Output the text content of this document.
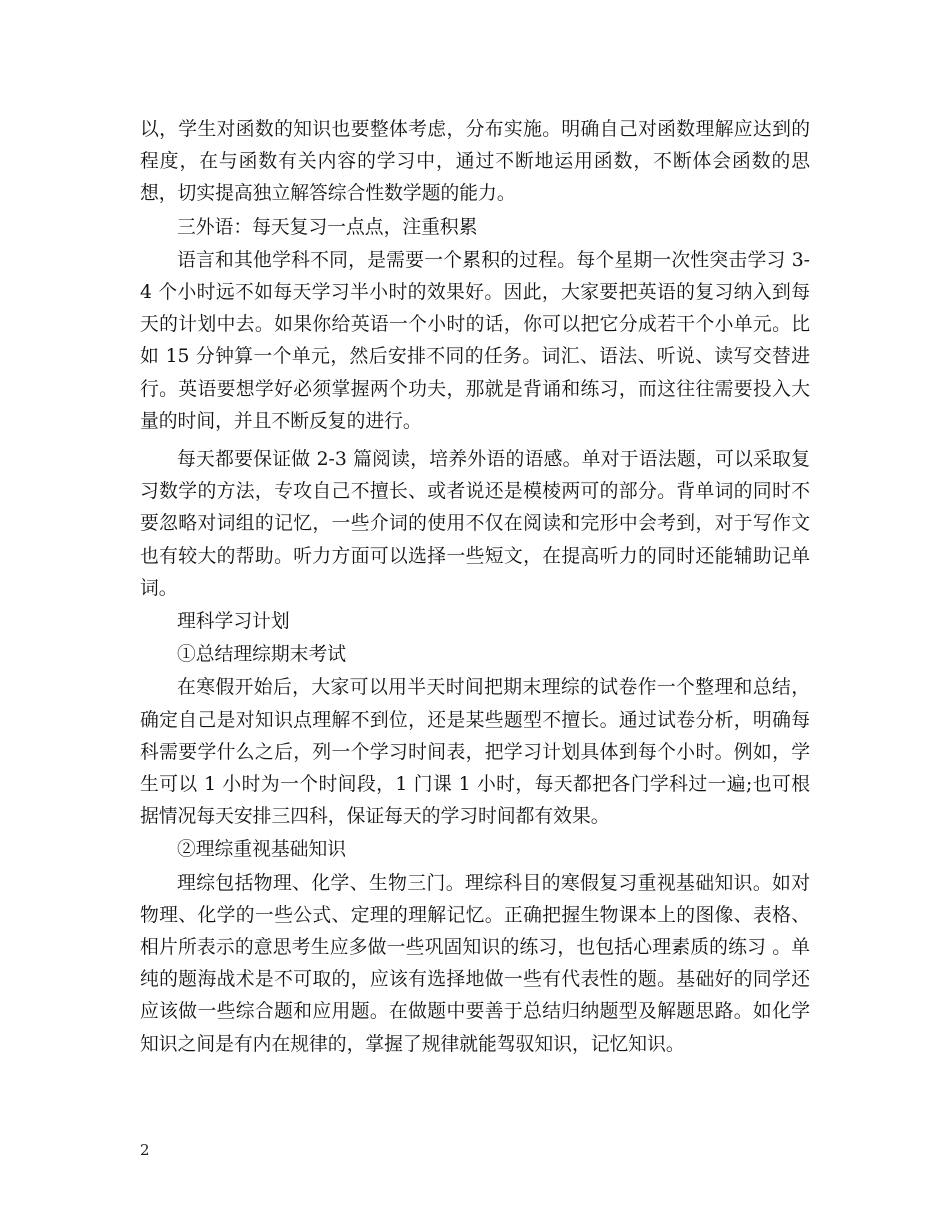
以，学生对函数的知识也要整体考虑，分布实施。明确自己对函数理解应达到的程度，在与函数有关内容的学习中，通过不断地运用函数，不断体会函数的思想，切实提高独立解答综合性数学题的能力。

三外语：每天复习一点点，注重积累

语言和其他学科不同，是需要一个累积的过程。每个星期一次性突击学习 3-4 个小时远不如每天学习半小时的效果好。因此，大家要把英语的复习纳入到每天的计划中去。如果你给英语一个小时的话，你可以把它分成若干个小单元。比如 15 分钟算一个单元，然后安排不同的任务。词汇、语法、听说、读写交替进行。英语要想学好必须掌握两个功夫，那就是背诵和练习，而这往往需要投入大量的时间，并且不断反复的进行。

每天都要保证做 2-3 篇阅读，培养外语的语感。单对于语法题，可以采取复习数学的方法，专攻自己不擅长、或者说还是模棱两可的部分。背单词的同时不要忽略对词组的记忆，一些介词的使用不仅在阅读和完形中会考到，对于写作文也有较大的帮助。听力方面可以选择一些短文，在提高听力的同时还能辅助记单词。

理科学习计划

①总结理综期末考试

在寒假开始后，大家可以用半天时间把期末理综的试卷作一个整理和总结，确定自己是对知识点理解不到位，还是某些题型不擅长。通过试卷分析，明确每科需要学什么之后，列一个学习时间表，把学习计划具体到每个小时。例如，学生可以 1 小时为一个时间段，1 门课 1 小时，每天都把各门学科过一遍;也可根据情况每天安排三四科，保证每天的学习时间都有效果。

②理综重视基础知识

理综包括物理、化学、生物三门。理综科目的寒假复习重视基础知识。如对物理、化学的一些公式、定理的理解记忆。正确把握生物课本上的图像、表格、相片所表示的意思考生应多做一些巩固知识的练习，也包括心理素质的练习 。单纯的题海战术是不可取的，应该有选择地做一些有代表性的题。基础好的同学还应该做一些综合题和应用题。在做题中要善于总结归纳题型及解题思路。如化学知识之间是有内在规律的，掌握了规律就能驾驭知识，记忆知识。

2
